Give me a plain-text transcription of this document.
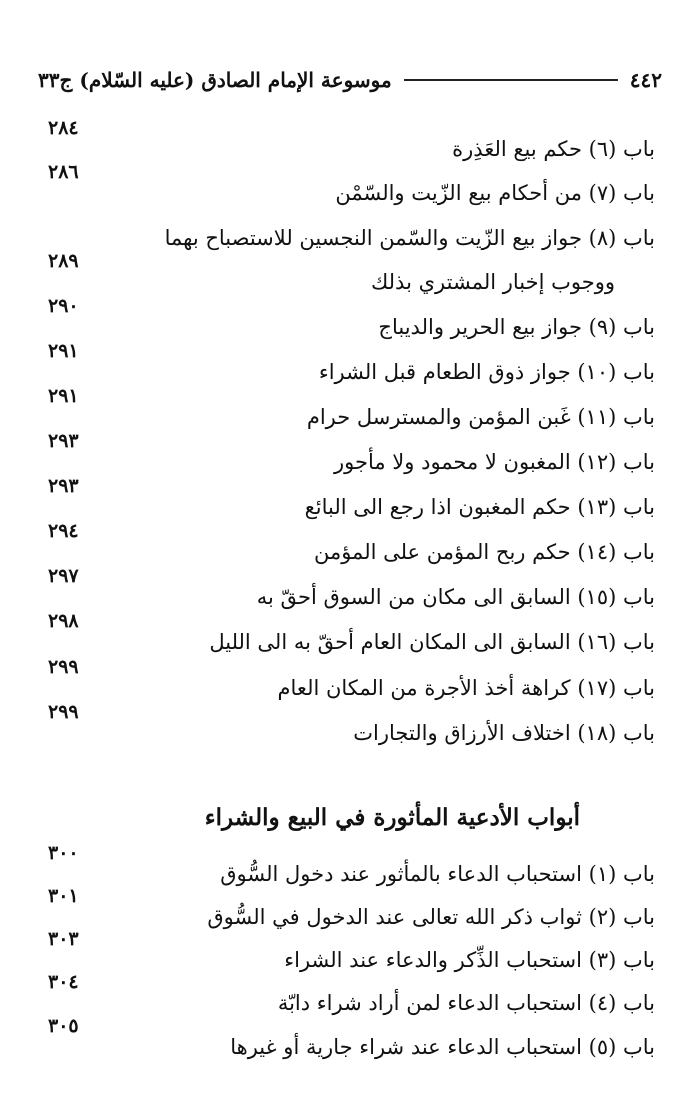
٤٤٢
موسوعة الإمام الصادق (عليه السّلام) ج٣٣
باب (٦) حكم بيع العَذِرة
٢٨٤
باب (٧) من أحكام بيع الزّيت والسّمْن
٢٨٦
باب (٨) جواز بيع الزّيت والسّمن النجسين للاستصباح بهما
ووجوب إخبار المشتري بذلك
٢٨٩
باب (٩) جواز بيع الحرير والديباج
٢٩٠
باب (١٠) جواز ذوق الطعام قبل الشراء
٢٩١
باب (١١) غَبن المؤمن والمسترسل حرام
٢٩١
باب (١٢) المغبون لا محمود ولا مأجور
٢٩٣
باب (١٣) حكم المغبون اذا رجع الى البائع
٢٩٣
باب (١٤) حكم ربح المؤمن على المؤمن
٢٩٤
باب (١٥) السابق الى مكان من السوق أحقّ به
٢٩٧
باب (١٦) السابق الى المكان العام أحقّ به الى الليل
٢٩٨
باب (١٧) كراهة أخذ الأجرة من المكان العام
٢٩٩
باب (١٨) اختلاف الأرزاق والتجارات
٢٩٩
أبواب الأدعية المأثورة في البيع والشراء
باب (١) استحباب الدعاء بالمأثور عند دخول السُّوق
٣٠٠
باب (٢) ثواب ذكر الله تعالى عند الدخول في السُّوق
٣٠١
باب (٣) استحباب الذِّكر والدعاء عند الشراء
٣٠٣
باب (٤) استحباب الدعاء لمن أراد شراء دابّة
٣٠٤
باب (٥) استحباب الدعاء عند شراء جارية أو غيرها
٣٠٥
